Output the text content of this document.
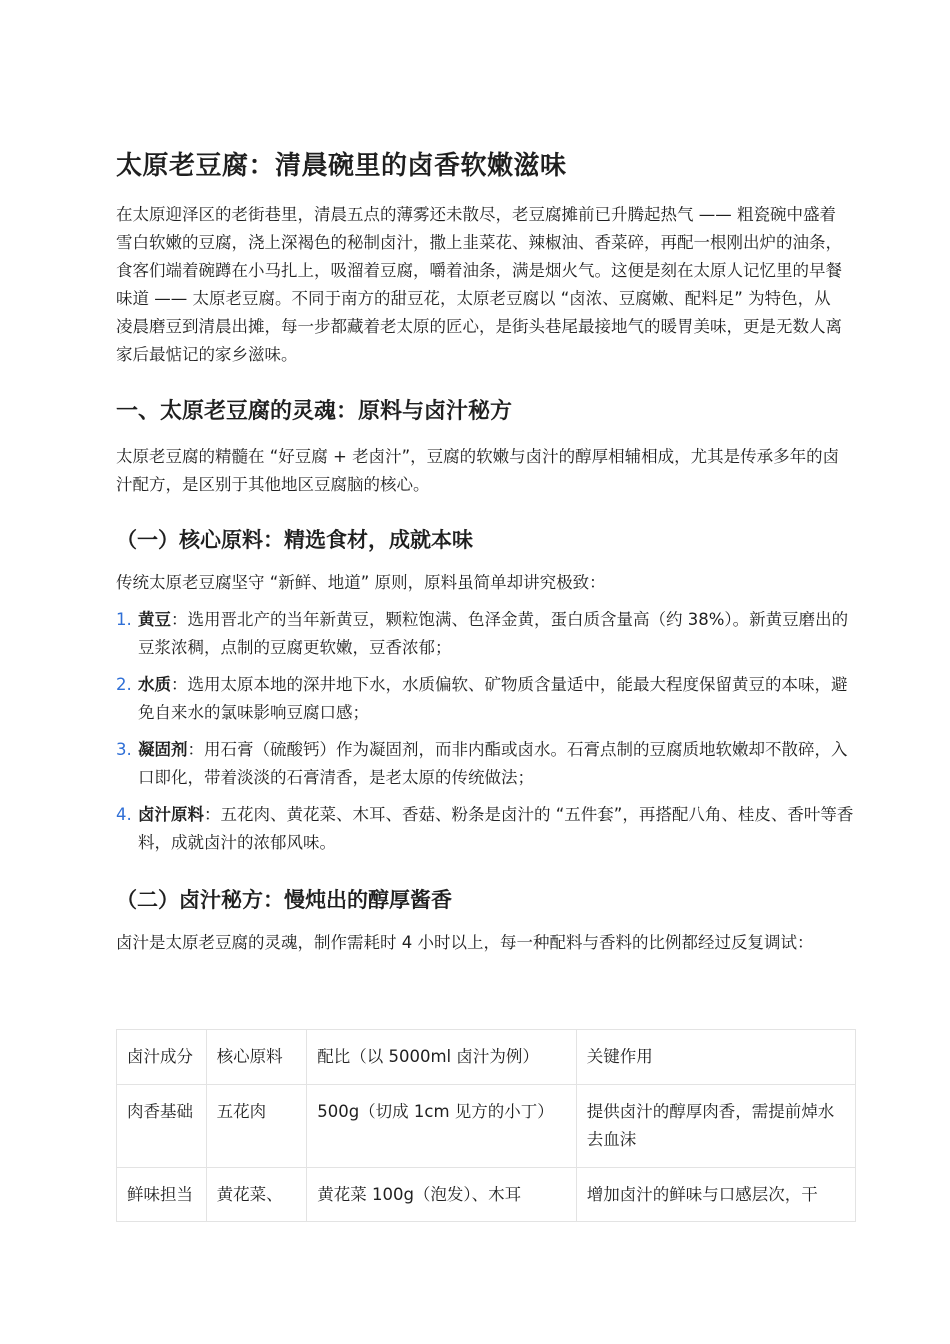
太原老豆腐：清晨碗里的卤香软嫩滋味

在太原迎泽区的老街巷里，清晨五点的薄雾还未散尽，老豆腐摊前已升腾起热气 —— 粗瓷碗中盛着雪白软嫩的豆腐，浇上深褐色的秘制卤汁，撒上韭菜花、辣椒油、香菜碎，再配一根刚出炉的油条，食客们端着碗蹲在小马扎上，吸溜着豆腐，嚼着油条，满是烟火气。这便是刻在太原人记忆里的早餐味道 —— 太原老豆腐。不同于南方的甜豆花，太原老豆腐以 “卤浓、豆腐嫩、配料足” 为特色，从凌晨磨豆到清晨出摊，每一步都藏着老太原的匠心，是街头巷尾最接地气的暖胃美味，更是无数人离家后最惦记的家乡滋味。

一、太原老豆腐的灵魂：原料与卤汁秘方

太原老豆腐的精髓在 “好豆腐 + 老卤汁”，豆腐的软嫩与卤汁的醇厚相辅相成，尤其是传承多年的卤汁配方，是区别于其他地区豆腐脑的核心。

（一）核心原料：精选食材，成就本味

传统太原老豆腐坚守 “新鲜、地道” 原则，原料虽简单却讲究极致：

1. 黄豆：选用晋北产的当年新黄豆，颗粒饱满、色泽金黄，蛋白质含量高（约 38%）。新黄豆磨出的豆浆浓稠，点制的豆腐更软嫩，豆香浓郁；
2. 水质：选用太原本地的深井地下水，水质偏软、矿物质含量适中，能最大程度保留黄豆的本味，避免自来水的氯味影响豆腐口感；
3. 凝固剂：用石膏（硫酸钙）作为凝固剂，而非内酯或卤水。石膏点制的豆腐质地软嫩却不散碎，入口即化，带着淡淡的石膏清香，是老太原的传统做法；
4. 卤汁原料：五花肉、黄花菜、木耳、香菇、粉条是卤汁的 “五件套”，再搭配八角、桂皮、香叶等香料，成就卤汁的浓郁风味。
（二）卤汁秘方：慢炖出的醇厚酱香

卤汁是太原老豆腐的灵魂，制作需耗时 4 小时以上，每一种配料与香料的比例都经过反复调试：

卤汁成分	核心原料	配比（以 5000ml 卤汁为例）	关键作用
肉香基础	五花肉	500g（切成 1cm 见方的小丁）	提供卤汁的醇厚肉香，需提前焯水去血沫
鲜味担当	黄花菜、	黄花菜 100g（泡发）、木耳	增加卤汁的鲜味与口感层次，干
